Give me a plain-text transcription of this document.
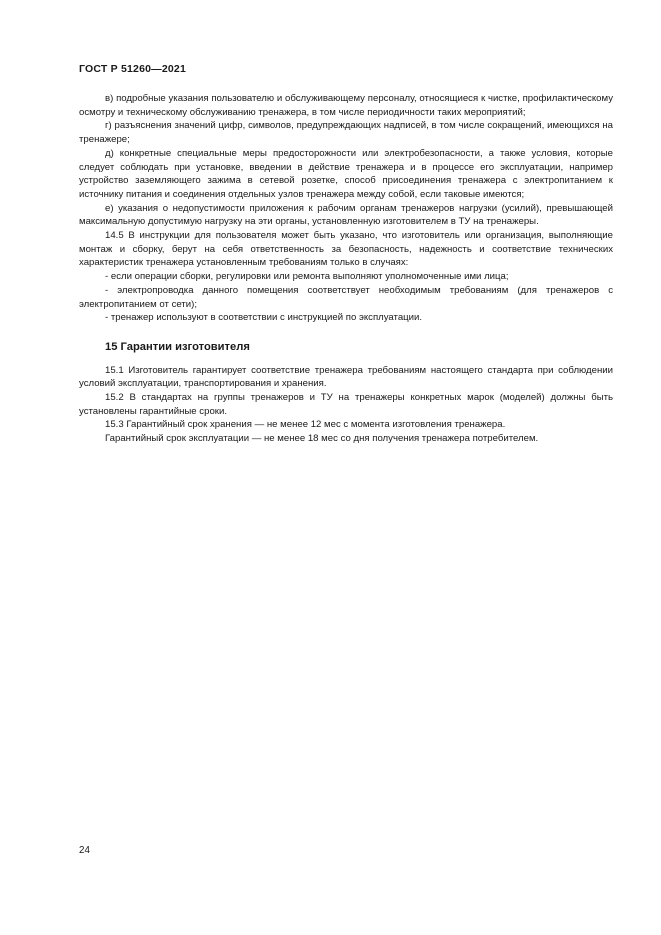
ГОСТ Р 51260—2021

в) подробные указания пользователю и обслуживающему персоналу, относящиеся к чистке, профилактическому осмотру и техническому обслуживанию тренажера, в том числе периодичности таких мероприятий;

г) разъяснения значений цифр, символов, предупреждающих надписей, в том числе сокращений, имеющихся на тренажере;

д) конкретные специальные меры предосторожности или электробезопасности, а также условия, которые следует соблюдать при установке, введении в действие тренажера и в процессе его эксплуатации, например устройство заземляющего зажима в сетевой розетке, способ присоединения тренажера с электропитанием к источнику питания и соединения отдельных узлов тренажера между собой, если таковые имеются;

е) указания о недопустимости приложения к рабочим органам тренажеров нагрузки (усилий), превышающей максимальную допустимую нагрузку на эти органы, установленную изготовителем в ТУ на тренажеры.

14.5 В инструкции для пользователя может быть указано, что изготовитель или организация, выполняющие монтаж и сборку, берут на себя ответственность за безопасность, надежность и соответствие технических характеристик тренажера установленным требованиям только в случаях:

- если операции сборки, регулировки или ремонта выполняют уполномоченные ими лица;

- электропроводка данного помещения соответствует необходимым требованиям (для тренажеров с электропитанием от сети);

- тренажер используют в соответствии с инструкцией по эксплуатации.

15 Гарантии изготовителя

15.1 Изготовитель гарантирует соответствие тренажера требованиям настоящего стандарта при соблюдении условий эксплуатации, транспортирования и хранения.

15.2 В стандартах на группы тренажеров и ТУ на тренажеры конкретных марок (моделей) должны быть установлены гарантийные сроки.

15.3 Гарантийный срок хранения — не менее 12 мес с момента изготовления тренажера.

Гарантийный срок эксплуатации — не менее 18 мес со дня получения тренажера потребителем.

24
